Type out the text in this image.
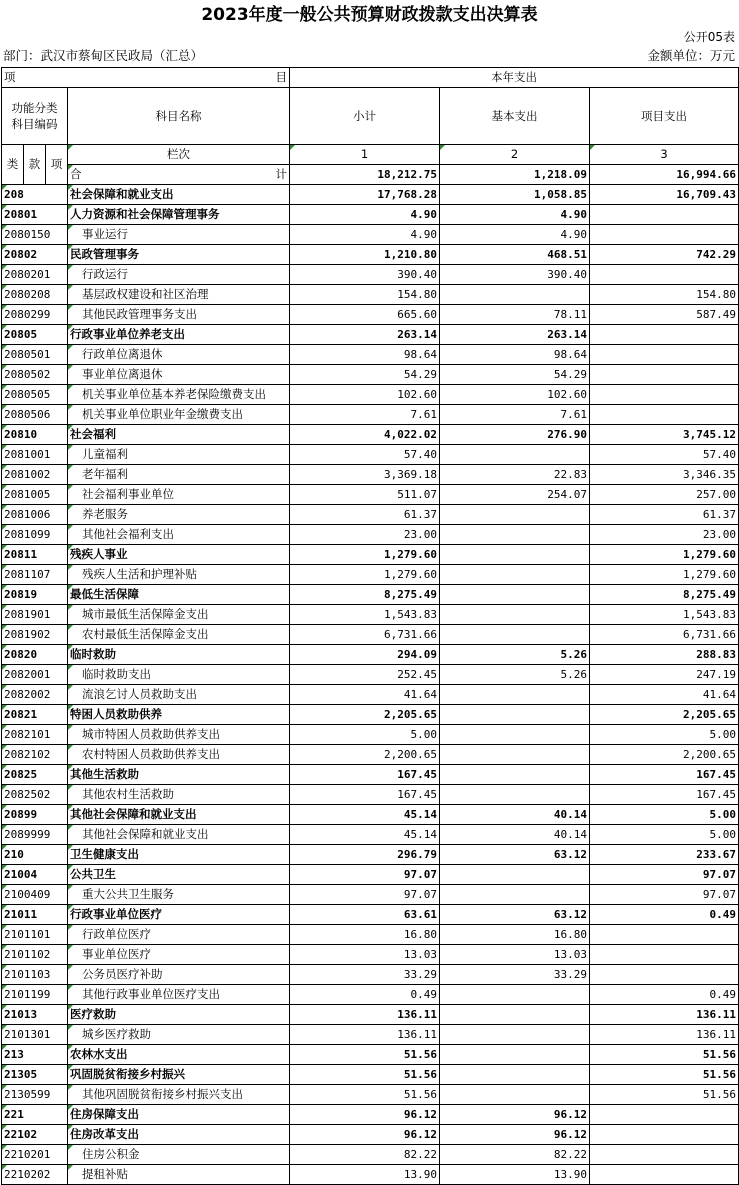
2023年度一般公共预算财政拨款支出决算表
公开05表
部门：武汉市蔡甸区民政局（汇总）	金额单位：万元
项 目				本年支出		
功能分类
科目编码			科目名称	小计	基本支出	项目支出
类	款	项	栏次	1	2	3

			合 计	18,212.75	1,218.09	16,994.66
208			社会保障和就业支出	17,768.28	1,058.85	16,709.43
20801			人力资源和社会保障管理事务	4.90	4.90	
2080150			事业运行	4.90	4.90	
20802			民政管理事务	1,210.80	468.51	742.29
2080201			行政运行	390.40	390.40	
2080208			基层政权建设和社区治理	154.80		154.80
2080299			其他民政管理事务支出	665.60	78.11	587.49
20805			行政事业单位养老支出	263.14	263.14	
2080501			行政单位离退休	98.64	98.64	
2080502			事业单位离退休	54.29	54.29	
2080505			机关事业单位基本养老保险缴费支出	102.60	102.60	
2080506			机关事业单位职业年金缴费支出	7.61	7.61	
20810			社会福利	4,022.02	276.90	3,745.12
2081001			儿童福利	57.40		57.40
2081002			老年福利	3,369.18	22.83	3,346.35
2081005			社会福利事业单位	511.07	254.07	257.00
2081006			养老服务	61.37		61.37
2081099			其他社会福利支出	23.00		23.00
20811			残疾人事业	1,279.60		1,279.60
2081107			残疾人生活和护理补贴	1,279.60		1,279.60
20819			最低生活保障	8,275.49		8,275.49
2081901			城市最低生活保障金支出	1,543.83		1,543.83
2081902			农村最低生活保障金支出	6,731.66		6,731.66
20820			临时救助	294.09	5.26	288.83
2082001			临时救助支出	252.45	5.26	247.19
2082002			流浪乞讨人员救助支出	41.64		41.64
20821			特困人员救助供养	2,205.65		2,205.65
2082101			城市特困人员救助供养支出	5.00		5.00
2082102			农村特困人员救助供养支出	2,200.65		2,200.65
20825			其他生活救助	167.45		167.45
2082502			其他农村生活救助	167.45		167.45
20899			其他社会保障和就业支出	45.14	40.14	5.00
2089999			其他社会保障和就业支出	45.14	40.14	5.00
210			卫生健康支出	296.79	63.12	233.67
21004			公共卫生	97.07		97.07
2100409			重大公共卫生服务	97.07		97.07
21011			行政事业单位医疗	63.61	63.12	0.49
2101101			行政单位医疗	16.80	16.80	
2101102			事业单位医疗	13.03	13.03	
2101103			公务员医疗补助	33.29	33.29	
2101199			其他行政事业单位医疗支出	0.49		0.49
21013			医疗救助	136.11		136.11
2101301			城乡医疗救助	136.11		136.11
213			农林水支出	51.56		51.56
21305			巩固脱贫衔接乡村振兴	51.56		51.56
2130599			其他巩固脱贫衔接乡村振兴支出	51.56		51.56
221			住房保障支出	96.12	96.12	
22102			住房改革支出	96.12	96.12	
2210201			住房公积金	82.22	82.22	
2210202			提租补贴	13.90	13.90	
